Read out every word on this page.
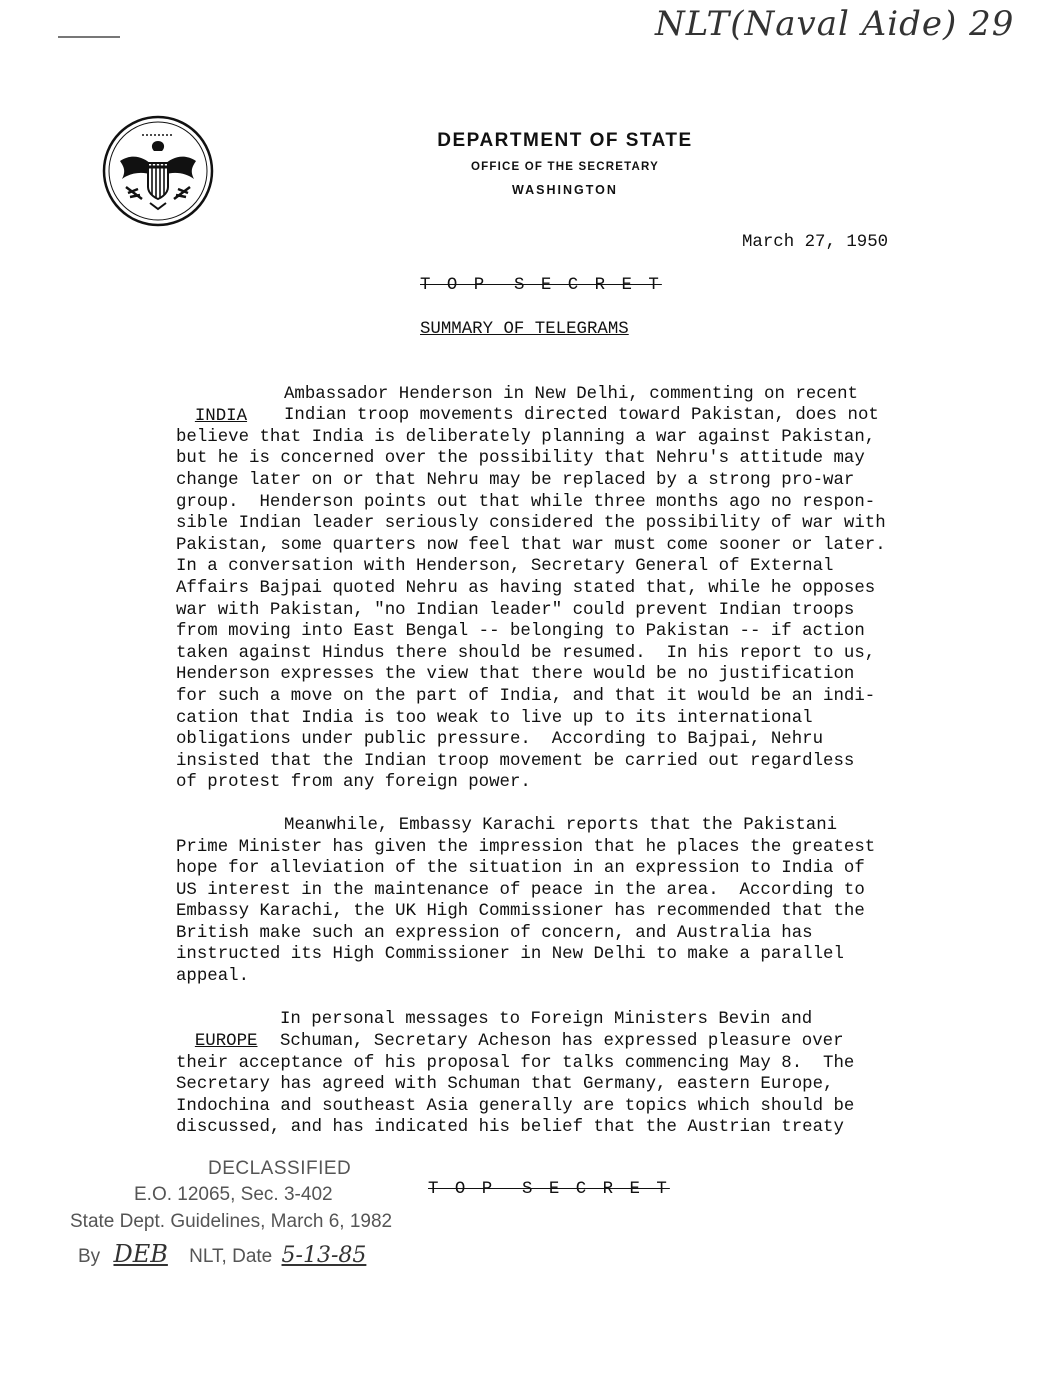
NLT(Naval Aide) 29
DEPARTMENT OF STATE
OFFICE OF THE SECRETARY
WASHINGTON
March 27, 1950
T O P  S E C R E T
SUMMARY OF TELEGRAMS

INDIA

Ambassador Henderson in New Delhi, commenting on recent
Indian troop movements directed toward Pakistan, does not
believe that India is deliberately planning a war against Pakistan,
but he is concerned over the possibility that Nehru's attitude may
change later on or that Nehru may be replaced by a strong pro-war
group.  Henderson points out that while three months ago no respon-
sible Indian leader seriously considered the possibility of war with
Pakistan, some quarters now feel that war must come sooner or later.
In a conversation with Henderson, Secretary General of External
Affairs Bajpai quoted Nehru as having stated that, while he opposes
war with Pakistan, "no Indian leader" could prevent Indian troops
from moving into East Bengal -- belonging to Pakistan -- if action
taken against Hindus there should be resumed.  In his report to us,
Henderson expresses the view that there would be no justification
for such a move on the part of India, and that it would be an indi-
cation that India is too weak to live up to its international
obligations under public pressure.  According to Bajpai, Nehru
insisted that the Indian troop movement be carried out regardless
of protest from any foreign power.
Meanwhile, Embassy Karachi reports that the Pakistani
Prime Minister has given the impression that he places the greatest
hope for alleviation of the situation in an expression to India of
US interest in the maintenance of peace in the area.  According to
Embassy Karachi, the UK High Commissioner has recommended that the
British make such an expression of concern, and Australia has
instructed its High Commissioner in New Delhi to make a parallel
appeal.

EUROPE

In personal messages to Foreign Ministers Bevin and
Schuman, Secretary Acheson has expressed pleasure over
their acceptance of his proposal for talks commencing May 8.  The
Secretary has agreed with Schuman that Germany, eastern Europe,
Indochina and southeast Asia generally are topics which should be
discussed, and has indicated his belief that the Austrian treaty
DECLASSIFIED
E.O. 12065, Sec. 3-402
State Dept. Guidelines, March 6, 1982
By DEB NLT, Date 5-13-85
T O P  S E C R E T
